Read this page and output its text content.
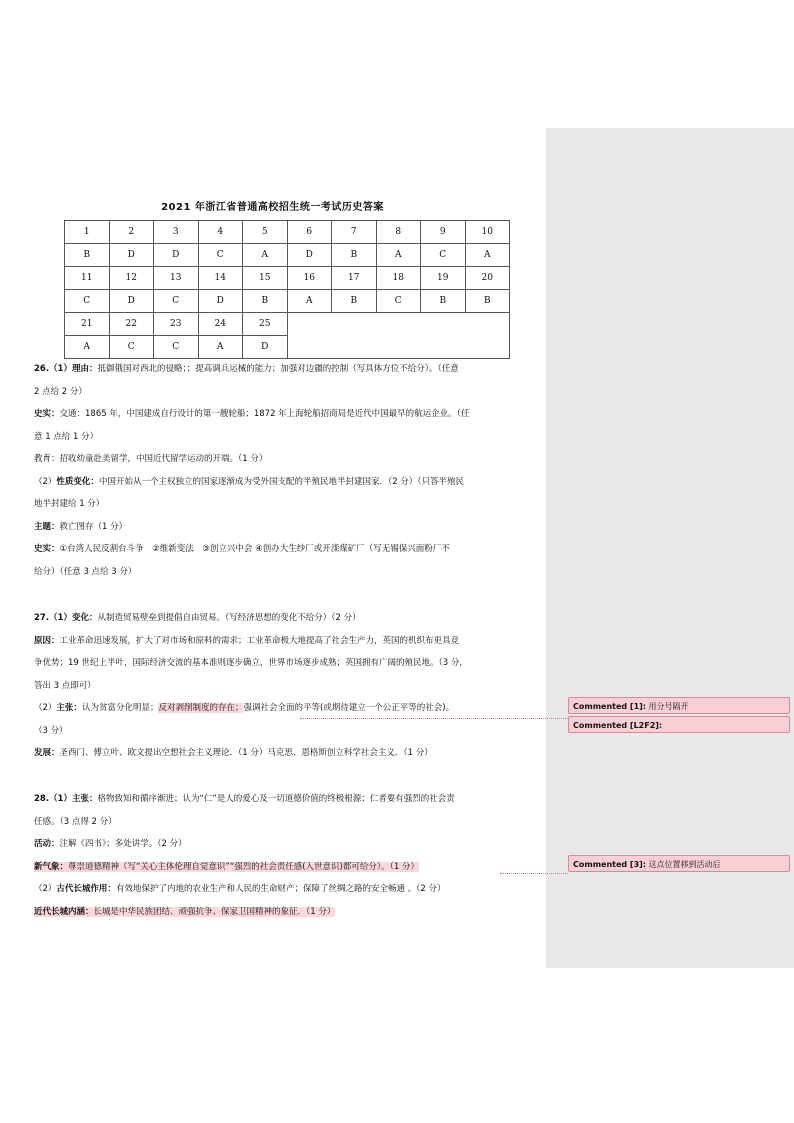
2021 年浙江省普通高校招生统一考试历史答案
1	2	3	4	5	6	7	8	9	10
B	D	D	C	A	D	B	A	C	A
11	12	13	14	15	16	17	18	19	20
C	D	C	D	B	A	B	C	B	B
21	22	23	24	25					
A	C	C	A	D					
26.（1）理由：抵御俄国对西北的侵略；；提高调兵运械的能力；加强对边疆的控制（写具体方位不给分）。（任意
2 点给 2 分）
史实：交通：1865 年，中国建成自行设计的第一艘轮船；1872 年上海轮船招商局是近代中国最早的航运企业。（任
意 1 点给 1 分）
教育：招收幼童赴美留学，中国近代留学运动的开端。（1 分）
（2）性质变化：中国开始从一个主权独立的国家逐渐成为受外国支配的半殖民地半封建国家．（2 分）（只答半殖民
地半封建给 1 分）
主题：救亡图存（1 分）
史实：①台湾人民反割台斗争　②维新变法　③创立兴中会 ④创办大生纱厂或开滦煤矿厂（写无锡保兴面粉厂不
给分）（任意 3 点给 3 分）
27.（1）变化：从制造贸易壁垒到提倡自由贸易。（写经济思想的变化不给分）（2 分）
原因：工业革命迅速发展，扩大了对市场和原料的需求；工业革命极大地提高了社会生产力，英国的机织布更具竞
争优势；19 世纪上半叶，国际经济交流的基本准则逐步确立，世界市场逐步成熟；英国拥有广阔的殖民地。（3 分，
答出 3 点即可）
（2）主张：认为贫富分化明显；反对剥削制度的存在；强调社会全面的平等(或期待建立一个公正平等的社会)。
（3 分）
发展：圣西门、傅立叶、欧文提出空想社会主义理论．（1 分）马克思、恩格斯创立科学社会主义．（1 分）
28.（1）主张：格物致知和循序渐进；认为“仁”是人的爱心及一切道德价值的终极根源；仁者要有强烈的社会责
任感。（3 点得 2 分）
活动：注解《四书》；多处讲学。（2 分）
新气象：尊崇道德精神（写“关心主体伦理自觉意识”“强烈的社会责任感(入世意识)都可给分）。（1 分）
（2）古代长城作用：有效地保护了内地的农业生产和人民的生命财产；保障了丝绸之路的安全畅通 。（2 分）
近代长城内涵：长城是中华民族团结、顽强抗争、保家卫国精神的象征．（1 分）
Commented [1]: 用分号隔开
Commented [L2F2]:
Commented [3]: 这点位置移到活动后
